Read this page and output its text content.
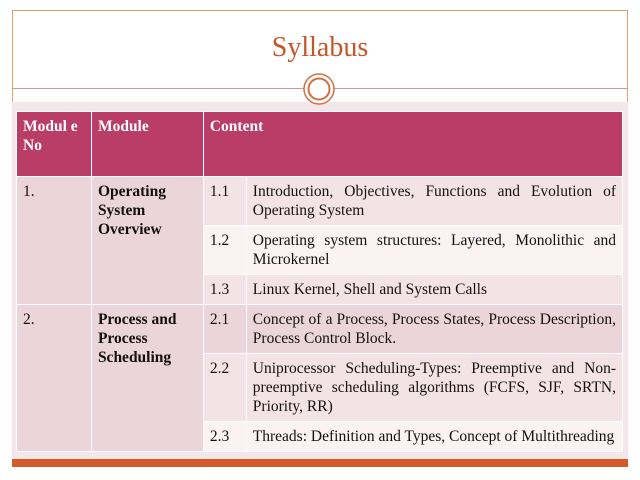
Syllabus
Modul e No	Module	Content	
1.	Operating System Overview	1.1	Introduction, Objectives, Functions and Evolution of Operating System
		1.2	Operating system structures: Layered, Monolithic and Microkernel
		1.3	Linux Kernel, Shell and System Calls
2.	Process and Process Scheduling	2.1	Concept of a Process, Process States, Process Description, Process Control Block.
		2.2	Uniprocessor Scheduling-Types: Preemptive and Non-preemptive scheduling algorithms (FCFS, SJF, SRTN, Priority, RR)
		2.3	Threads: Definition and Types, Concept of Multithreading
